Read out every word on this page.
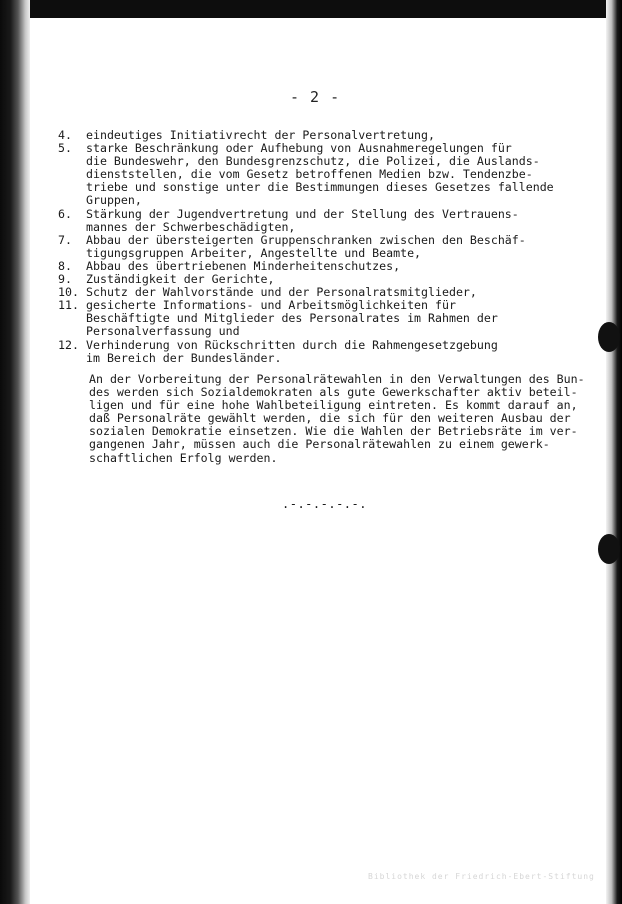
- 2 -
4.	eindeutiges Initiativrecht der Personalvertretung,
5.	starke Beschränkung oder Aufhebung von Ausnahmeregelungen für
die Bundeswehr, den Bundesgrenzschutz, die Polizei, die Auslands-
dienststellen, die vom Gesetz betroffenen Medien bzw. Tendenzbe-
triebe und sonstige unter die Bestimmungen dieses Gesetzes fallende
Gruppen,
6.	Stärkung der Jugendvertretung und der Stellung des Vertrauens-
mannes der Schwerbeschädigten,
7.	Abbau der übersteigerten Gruppenschranken zwischen den Beschäf-
tigungsgruppen Arbeiter, Angestellte und Beamte,
8.	Abbau des übertriebenen Minderheitenschutzes,
9.	Zuständigkeit der Gerichte,
10. Schutz der Wahlvorstände und der Personalratsmitglieder,
11. gesicherte Informations- und Arbeitsmöglichkeiten für
Beschäftigte und Mitglieder des Personalrates im Rahmen der
Personalverfassung und
12. Verhinderung von Rückschritten durch die Rahmengesetzgebung
im Bereich der Bundesländer.
An der Vorbereitung der Personalrätewahlen in den Verwaltungen des Bun-
des werden sich Sozialdemokraten als gute Gewerkschafter aktiv beteil-
ligen und für eine hohe Wahlbeteiligung eintreten. Es kommt darauf an,
daß Personalräte gewählt werden, die sich für den weiteren Ausbau der
sozialen Demokratie einsetzen. Wie die Wahlen der Betriebsräte im ver-
gangenen Jahr, müssen auch die Personalrätewahlen zu einem gewerk-
schaftlichen Erfolg werden.
.-.-.-.-.-.
Bibliothek der Friedrich-Ebert-Stiftung
